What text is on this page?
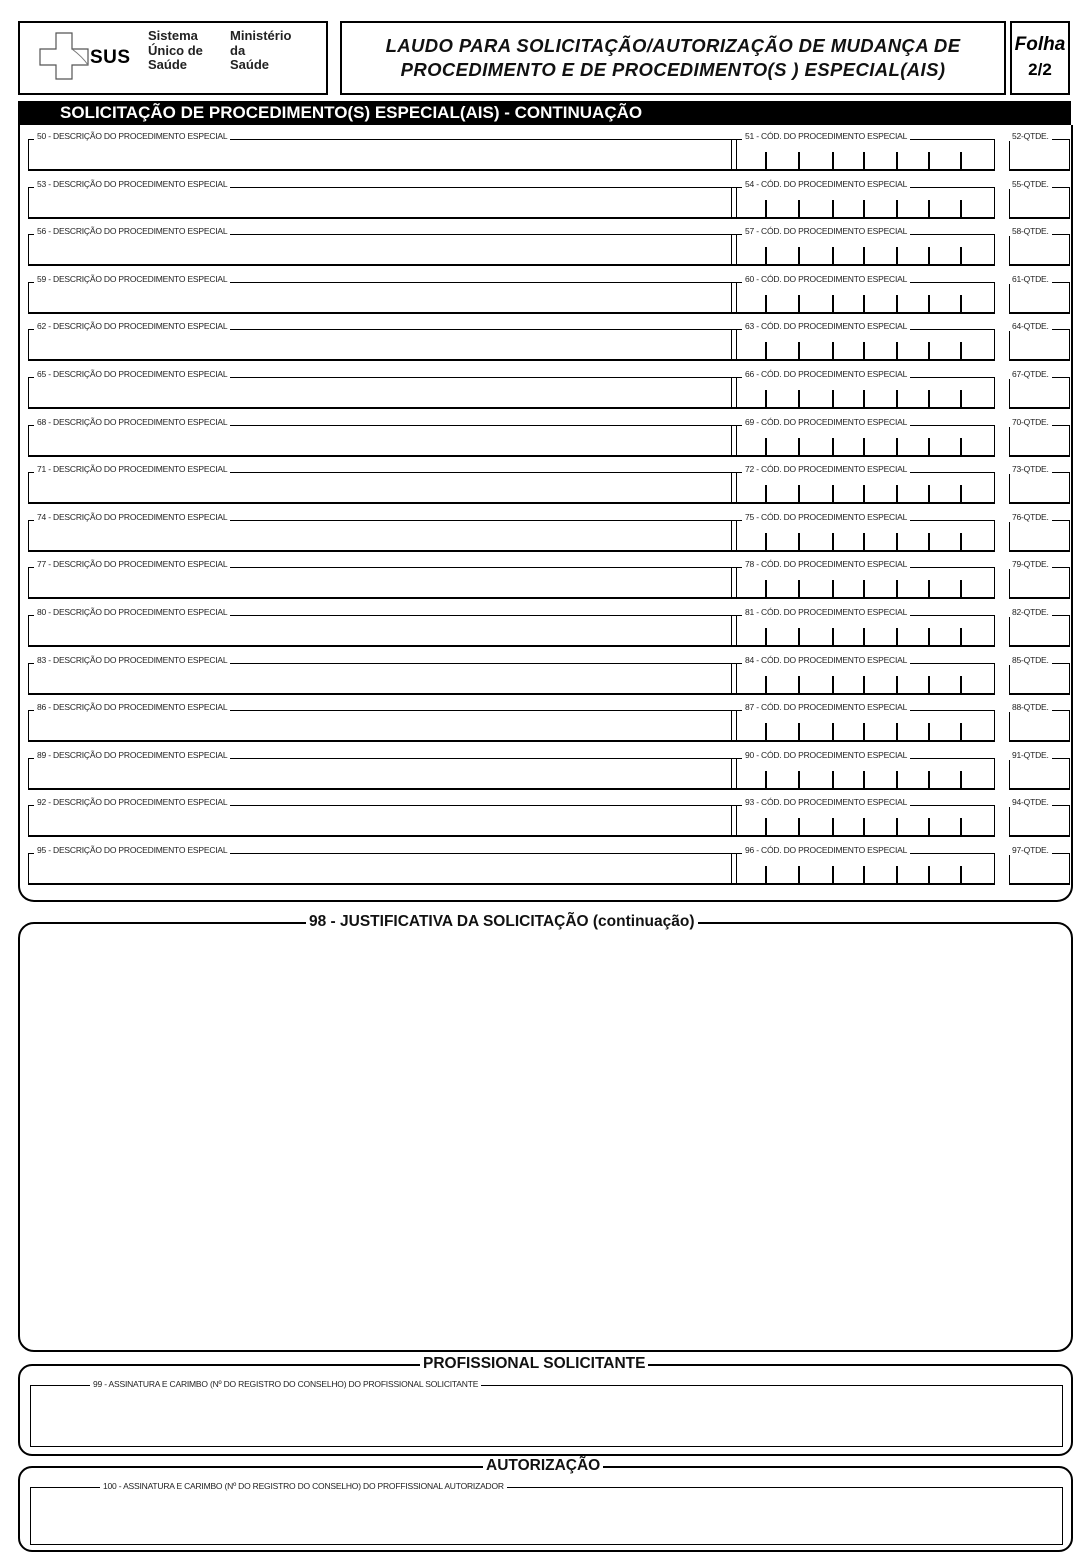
SUS
Sistema
Único de
Saúde
Ministério
da
Saúde
LAUDO PARA SOLICITAÇÃO/AUTORIZAÇÃO DE MUDANÇA DE
PROCEDIMENTO E DE PROCEDIMENTO(S ) ESPECIAL(AIS)
Folha
2/2
SOLICITAÇÃO DE PROCEDIMENTO(S) ESPECIAL(AIS) - CONTINUAÇÃO
50 - DESCRIÇÃO DO PROCEDIMENTO ESPECIAL	51 - CÓD. DO PROCEDIMENTO ESPECIAL	52-QTDE.
53 - DESCRIÇÃO DO PROCEDIMENTO ESPECIAL	54 - CÓD. DO PROCEDIMENTO ESPECIAL	55-QTDE.
56 - DESCRIÇÃO DO PROCEDIMENTO ESPECIAL	57 - CÓD. DO PROCEDIMENTO ESPECIAL	58-QTDE.
59 - DESCRIÇÃO DO PROCEDIMENTO ESPECIAL	60 - CÓD. DO PROCEDIMENTO ESPECIAL	61-QTDE.
62 - DESCRIÇÃO DO PROCEDIMENTO ESPECIAL	63 - CÓD. DO PROCEDIMENTO ESPECIAL	64-QTDE.
65 - DESCRIÇÃO DO PROCEDIMENTO ESPECIAL	66 - CÓD. DO PROCEDIMENTO ESPECIAL	67-QTDE.
68 - DESCRIÇÃO DO PROCEDIMENTO ESPECIAL	69 - CÓD. DO PROCEDIMENTO ESPECIAL	70-QTDE.
71 - DESCRIÇÃO DO PROCEDIMENTO ESPECIAL	72 - CÓD. DO PROCEDIMENTO ESPECIAL	73-QTDE.
74 - DESCRIÇÃO DO PROCEDIMENTO ESPECIAL	75 - CÓD. DO PROCEDIMENTO ESPECIAL	76-QTDE.
77 - DESCRIÇÃO DO PROCEDIMENTO ESPECIAL	78 - CÓD. DO PROCEDIMENTO ESPECIAL	79-QTDE.
80 - DESCRIÇÃO DO PROCEDIMENTO ESPECIAL	81 - CÓD. DO PROCEDIMENTO ESPECIAL	82-QTDE.
83 - DESCRIÇÃO DO PROCEDIMENTO ESPECIAL	84 - CÓD. DO PROCEDIMENTO ESPECIAL	85-QTDE.
86 - DESCRIÇÃO DO PROCEDIMENTO ESPECIAL	87 - CÓD. DO PROCEDIMENTO ESPECIAL	88-QTDE.
89 - DESCRIÇÃO DO PROCEDIMENTO ESPECIAL	90 - CÓD. DO PROCEDIMENTO ESPECIAL	91-QTDE.
92 - DESCRIÇÃO DO PROCEDIMENTO ESPECIAL	93 - CÓD. DO PROCEDIMENTO ESPECIAL	94-QTDE.
95 - DESCRIÇÃO DO PROCEDIMENTO ESPECIAL	96 - CÓD. DO PROCEDIMENTO ESPECIAL	97-QTDE.
98 - JUSTIFICATIVA DA SOLICITAÇÃO (continuação)
PROFISSIONAL SOLICITANTE
99 - ASSINATURA E CARIMBO (Nº DO REGISTRO DO CONSELHO) DO PROFISSIONAL SOLICITANTE
AUTORIZAÇÃO
100 - ASSINATURA E CARIMBO (Nº DO REGISTRO DO CONSELHO) DO PROFFISSIONAL AUTORIZADOR
